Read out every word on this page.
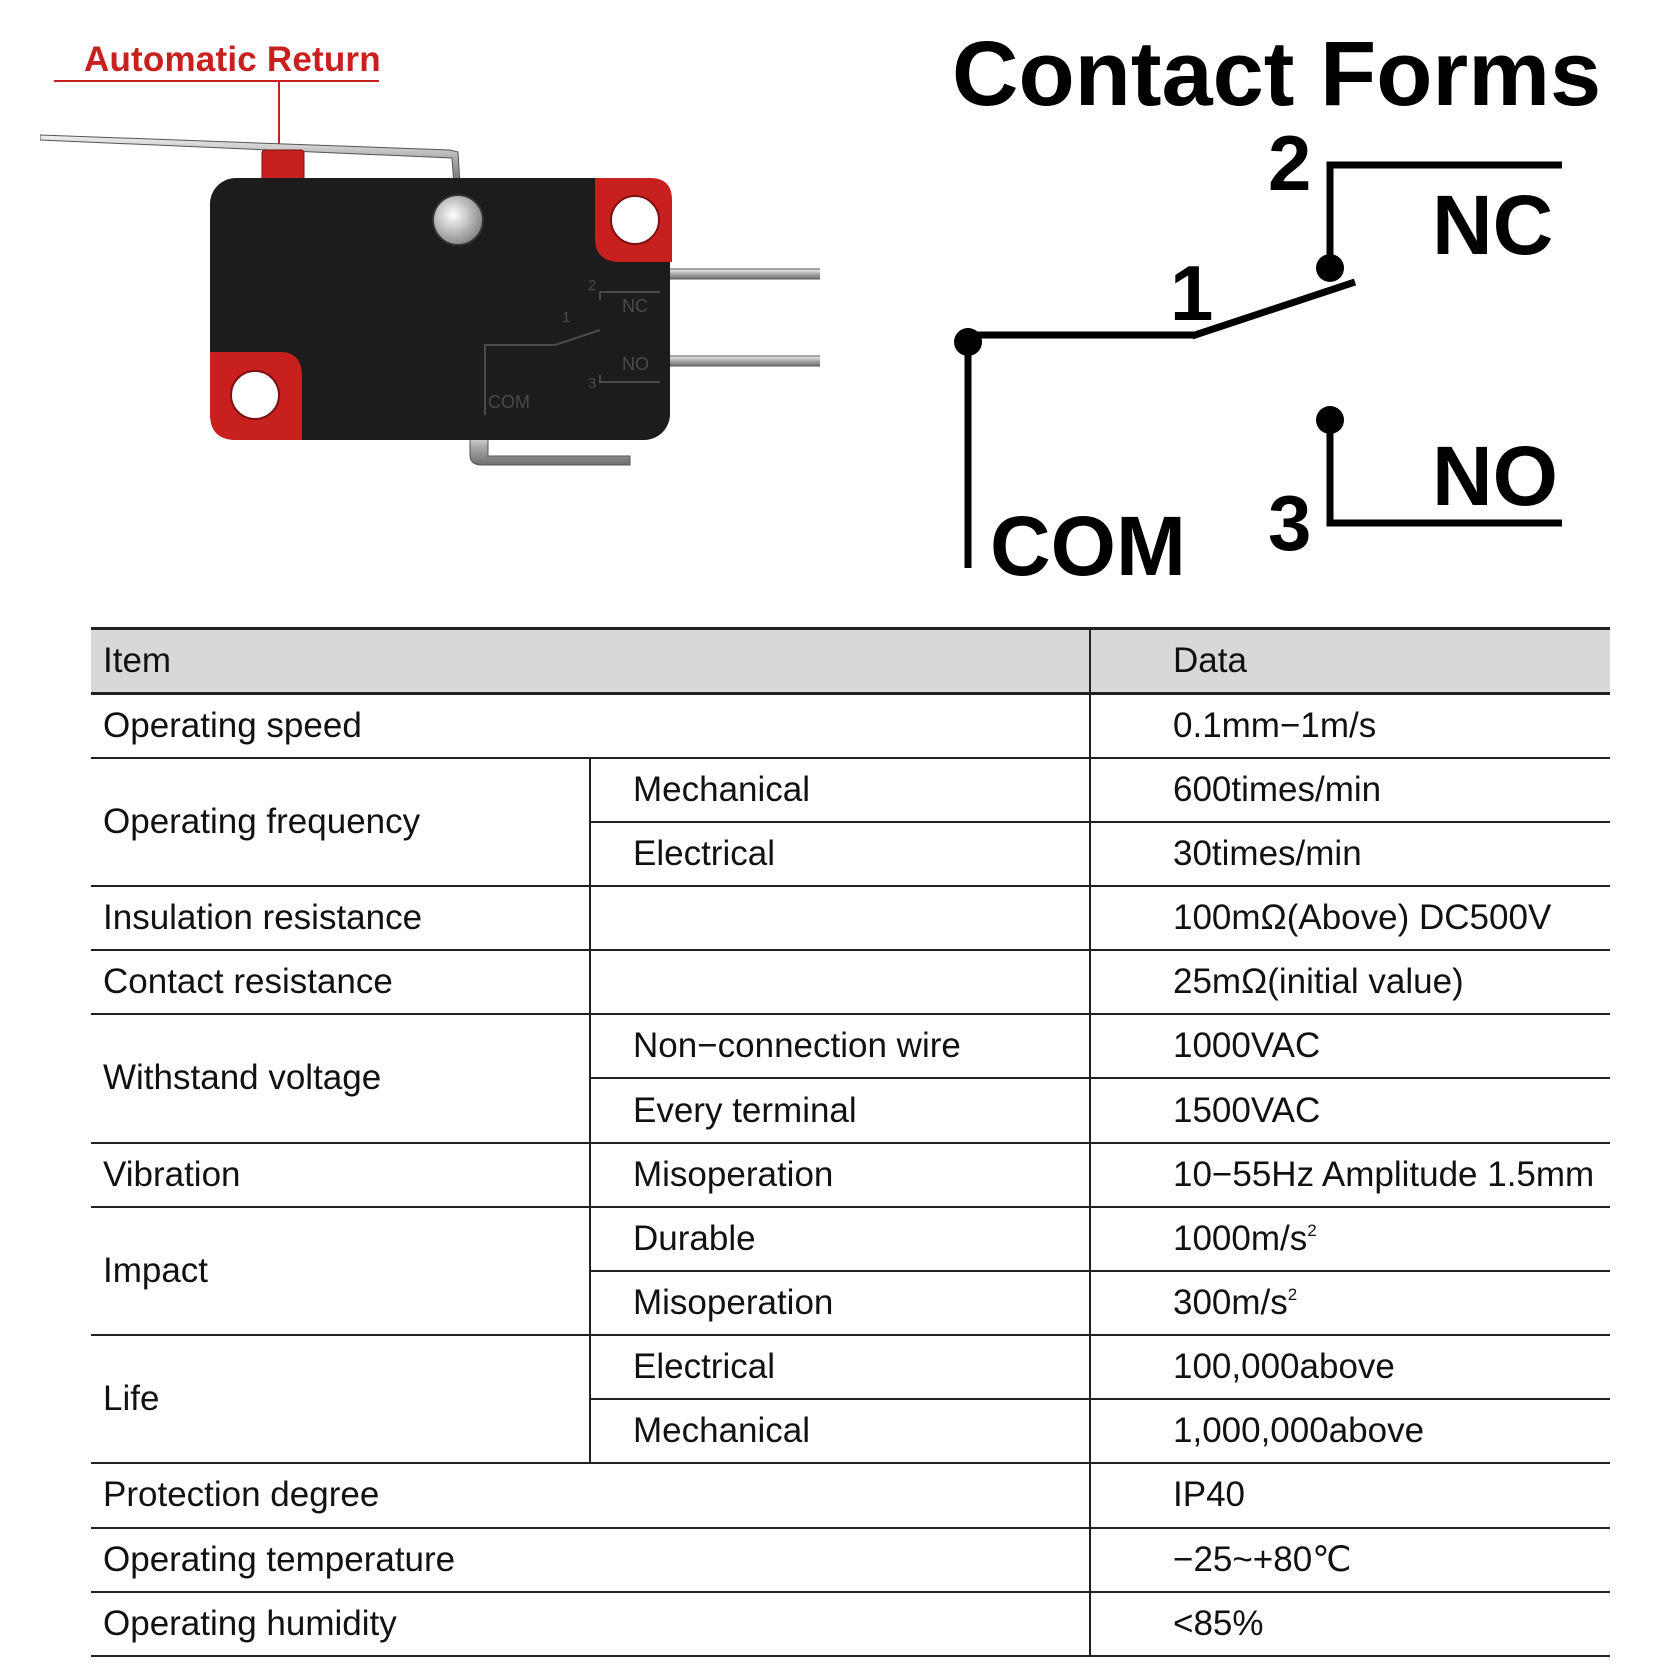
Automatic Return

NC
NO
COM
2
1
3
Contact Forms
2
1
3
NC
NO
COM
Item		Data
Operating speed		0.1mm−1m/s
Operating frequency	Mechanical	600times/min
	Electrical	30times/min
Insulation resistance		100mΩ(Above) DC500V
Contact resistance		25mΩ(initial value)
Withstand voltage	Non−connection wire	1000VAC
	Every terminal	1500VAC
Vibration	Misoperation	10−55Hz Amplitude 1.5mm
Impact	Durable	$1000m/s^2$
	Misoperation	$300m/s^2$
Life	Electrical	100,000above
	Mechanical	1,000,000above
Protection degree		IP40
Operating temperature		−25~+80℃
Operating humidity		<85%
